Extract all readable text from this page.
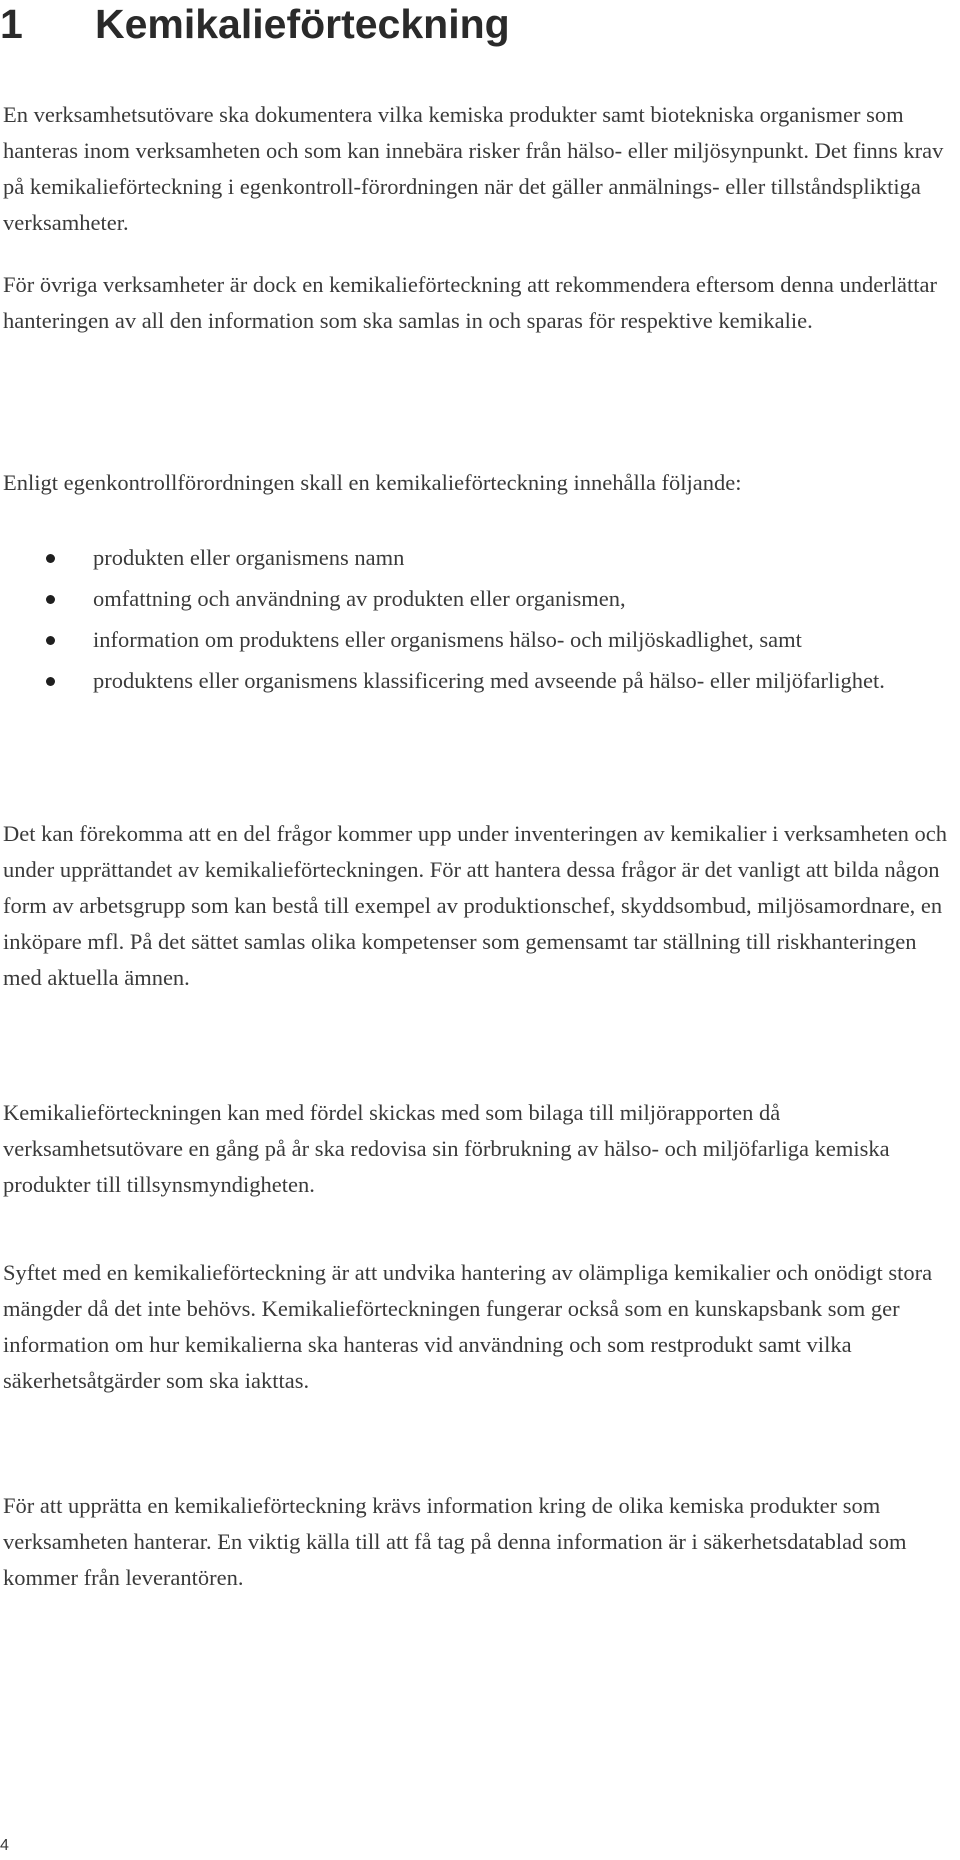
1 Kemikalieförteckning

En verksamhetsutövare ska dokumentera vilka kemiska produkter samt biotekniska organismer som hanteras inom verksamheten och som kan innebära risker från hälso- eller miljösynpunkt. Det finns krav på kemikalieförteckning i egenkontroll-förordningen när det gäller anmälnings- eller tillståndspliktiga verksamheter.

För övriga verksamheter är dock en kemikalieförteckning att rekommendera eftersom denna underlättar hanteringen av all den information som ska samlas in och sparas för respektive kemikalie.

Enligt egenkontrollförordningen skall en kemikalieförteckning innehålla följande:

produkten eller organismens namn
omfattning och användning av produkten eller organismen,
information om produktens eller organismens hälso- och miljöskadlighet, samt
produktens eller organismens klassificering med avseende på hälso- eller miljöfarlighet.

Det kan förekomma att en del frågor kommer upp under inventeringen av kemikalier i verksamheten och under upprättandet av kemikalieförteckningen. För att hantera dessa frågor är det vanligt att bilda någon form av arbetsgrupp som kan bestå till exempel av produktionschef, skyddsombud, miljösamordnare, en inköpare mfl. På det sättet samlas olika kompetenser som gemensamt tar ställning till riskhanteringen med aktuella ämnen.

Kemikalieförteckningen kan med fördel skickas med som bilaga till miljörapporten då verksamhetsutövare en gång på år ska redovisa sin förbrukning av hälso- och miljöfarliga kemiska produkter till tillsynsmyndigheten.

Syftet med en kemikalieförteckning är att undvika hantering av olämpliga kemikalier och onödigt stora mängder då det inte behövs. Kemikalieförteckningen fungerar också som en kunskapsbank som ger information om hur kemikalierna ska hanteras vid användning och som restprodukt samt vilka säkerhetsåtgärder som ska iakttas.

För att upprätta en kemikalieförteckning krävs information kring de olika kemiska produkter som verksamheten hanterar. En viktig källa till att få tag på denna information är i säkerhetsdatablad som kommer från leverantören.

4
